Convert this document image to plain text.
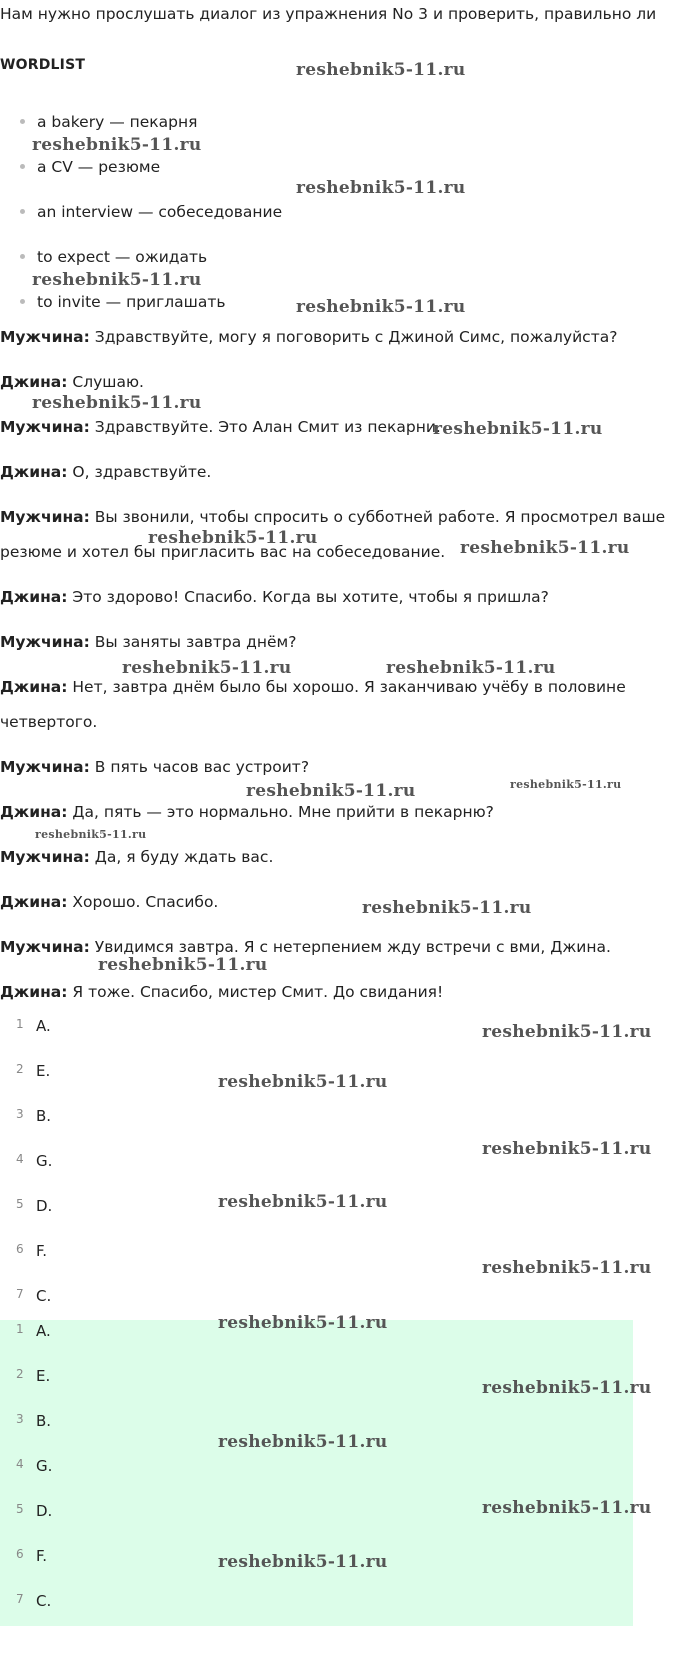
Нам нужно прослушать диалог из упражнения No 3 и проверить, правильно ли
WORDLIST
a bakery — пекарня
a CV — резюме
an interview — собеседование
to expect — ожидать
to invite — приглашать
Мужчина: Здравствуйте, могу я поговорить с Джиной Симс, пожалуйста?
Джина: Слушаю.
Мужчина: Здравствуйте. Это Алан Смит из пекарни.
Джина: О, здравствуйте.
Мужчина: Вы звонили, чтобы спросить о субботней работе. Я просмотрел ваше
резюме и хотел бы пригласить вас на собеседование.
Джина: Это здорово! Спасибо. Когда вы хотите, чтобы я пришла?
Мужчина: Вы заняты завтра днём?
Джина: Нет, завтра днём было бы хорошо. Я заканчиваю учёбу в половине
четвертого.
Мужчина: В пять часов вас устроит?
Джина: Да, пять — это нормально. Мне прийти в пекарню?
Мужчина: Да, я буду ждать вас.
Джина: Хорошо. Спасибо.
Мужчина: Увидимся завтра. Я с нетерпением жду встречи с вми, Джина.
Джина: Я тоже. Спасибо, мистер Смит. До свидания!
1 A.
2 E.
3 B.
4 G.
5 D.
6 F.
7 C.
1 A.
2 E.
3 B.
4 G.
5 D.
6 F.
7 C.
reshebnik5-11.ru
reshebnik5-11.ru
reshebnik5-11.ru
reshebnik5-11.ru
reshebnik5-11.ru
reshebnik5-11.ru
reshebnik5-11.ru
reshebnik5-11.ru
reshebnik5-11.ru
reshebnik5-11.ru	reshebnik5-11.ru
reshebnik5-11.ru	reshebnik5-11.ru
reshebnik5-11.ru
reshebnik5-11.ru
reshebnik5-11.ru
reshebnik5-11.ru
reshebnik5-11.ru
reshebnik5-11.ru
reshebnik5-11.ru
reshebnik5-11.ru
reshebnik5-11.ru
reshebnik5-11.ru
reshebnik5-11.ru
reshebnik5-11.ru
reshebnik5-11.ru
